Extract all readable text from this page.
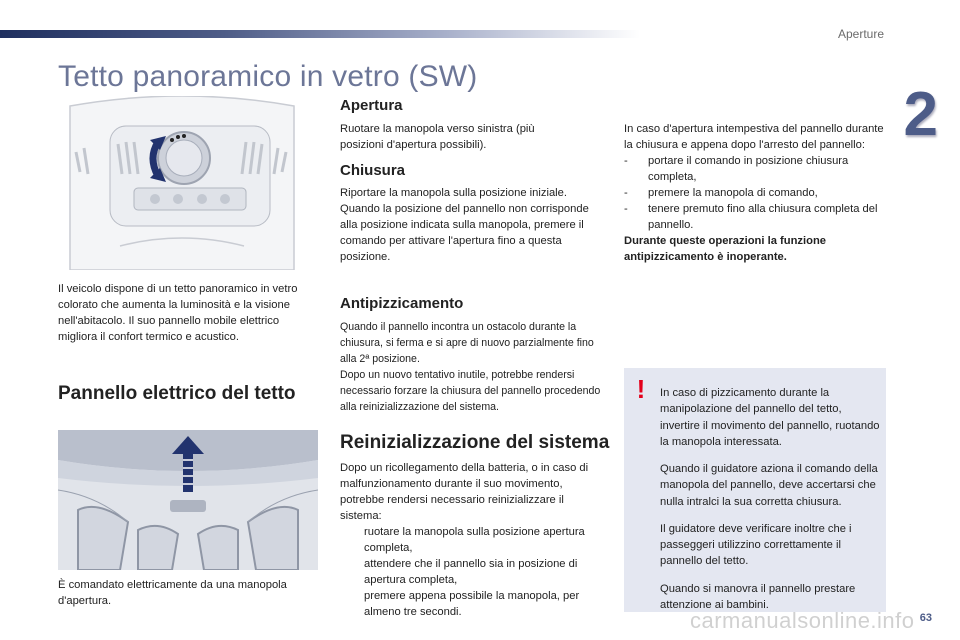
Aperture
2
Tetto panoramico in vetro (SW)

Il veicolo dispone di un tetto panoramico in vetro colorato che aumenta la luminosità e la visione nell'abitacolo. Il suo pannello mobile elettrico migliora il confort termico e acustico.

Pannello elettrico del tetto

È comandato elettricamente da una manopola d'apertura.

Apertura

Ruotare la manopola verso sinistra (più posizioni d'apertura possibili).

Chiusura

Riportare la manopola sulla posizione iniziale. Quando la posizione del pannello non corrisponde alla posizione indicata sulla manopola, premere il comando per attivare l'apertura fino a questa posizione.

Antipizzicamento

Quando il pannello incontra un ostacolo durante la chiusura, si ferma e si apre di nuovo parzialmente fino alla 2ª posizione.

Dopo un nuovo tentativo inutile, potrebbe rendersi necessario forzare la chiusura del pannello procedendo alla reinizializzazione del sistema.

Reinizializzazione del sistema

Dopo un ricollegamento della batteria, o in caso di malfunzionamento durante il suo movimento, potrebbe rendersi necessario reinizializzare il sistema:

ruotare la manopola sulla posizione apertura completa,
attendere che il pannello sia in posizione di apertura completa,
premere appena possibile la manopola, per almeno tre secondi.

In caso d'apertura intempestiva del pannello durante la chiusura e appena dopo l'arresto del pannello:

-	portare il comando in posizione chiusura completa,
-	premere la manopola di comando,
-	tenere premuto fino alla chiusura completa del pannello.

Durante queste operazioni la funzione antipizzicamento è inoperante.

! In caso di pizzicamento durante la manipolazione del pannello del tetto, invertire il movimento del pannello, ruotando la manopola interessata.

Quando il guidatore aziona il comando della manopola del pannello, deve accertarsi che nulla intralci la sua corretta chiusura.

Il guidatore deve verificare inoltre che i passeggeri utilizzino correttamente il pannello del tetto.

Quando si manovra il pannello prestare attenzione ai bambini.

carmanualsonline.info 63
